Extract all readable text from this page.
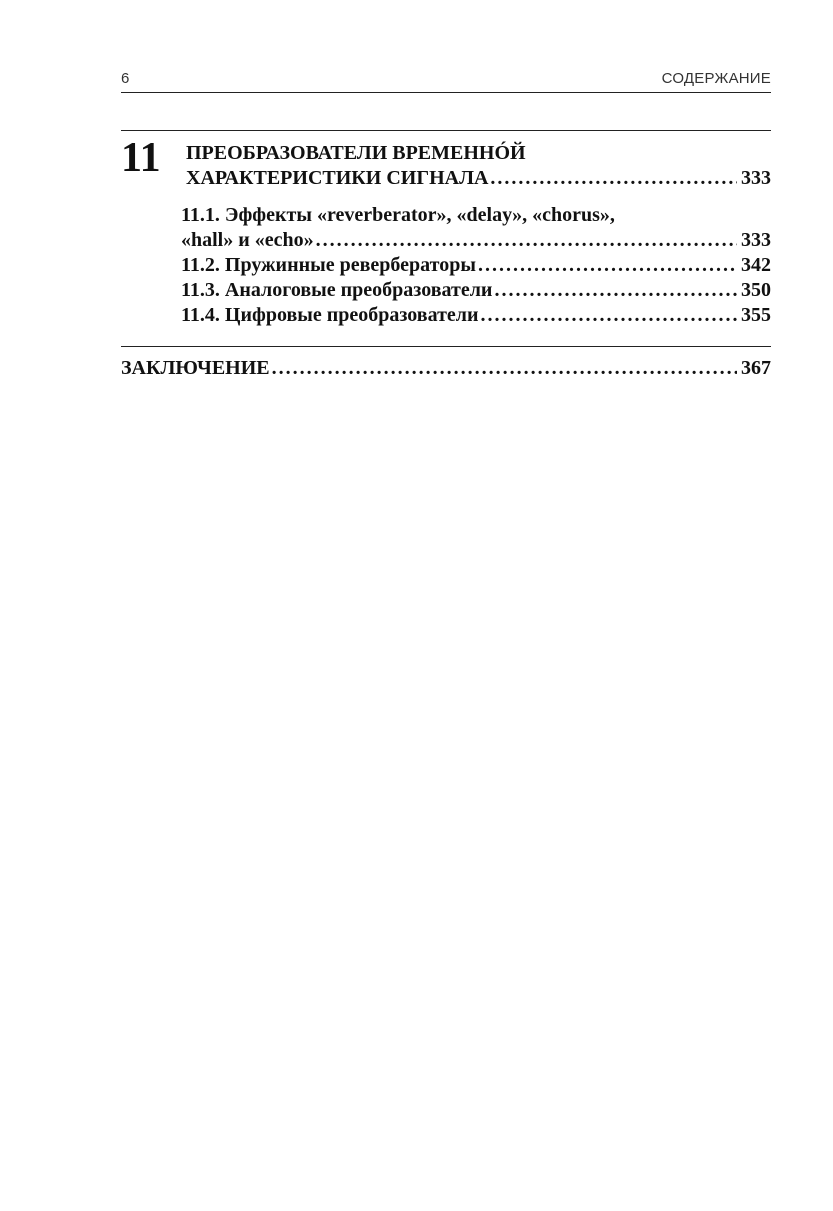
6	СОДЕРЖАНИЕ
11 ПРЕОБРАЗОВАТЕЛИ ВРЕМЕННÓЙ
ХАРАКТЕРИСТИКИ СИГНАЛА .....	333
11.1. Эффекты «reverberator», «delay», «chorus»,
«hall» и «echo» .....	333
11.2. Пружинные ревербераторы .....	342
11.3. Аналоговые преобразователи .....	350
11.4. Цифровые преобразователи .....	355
ЗАКЛЮЧЕНИЕ .....	367
